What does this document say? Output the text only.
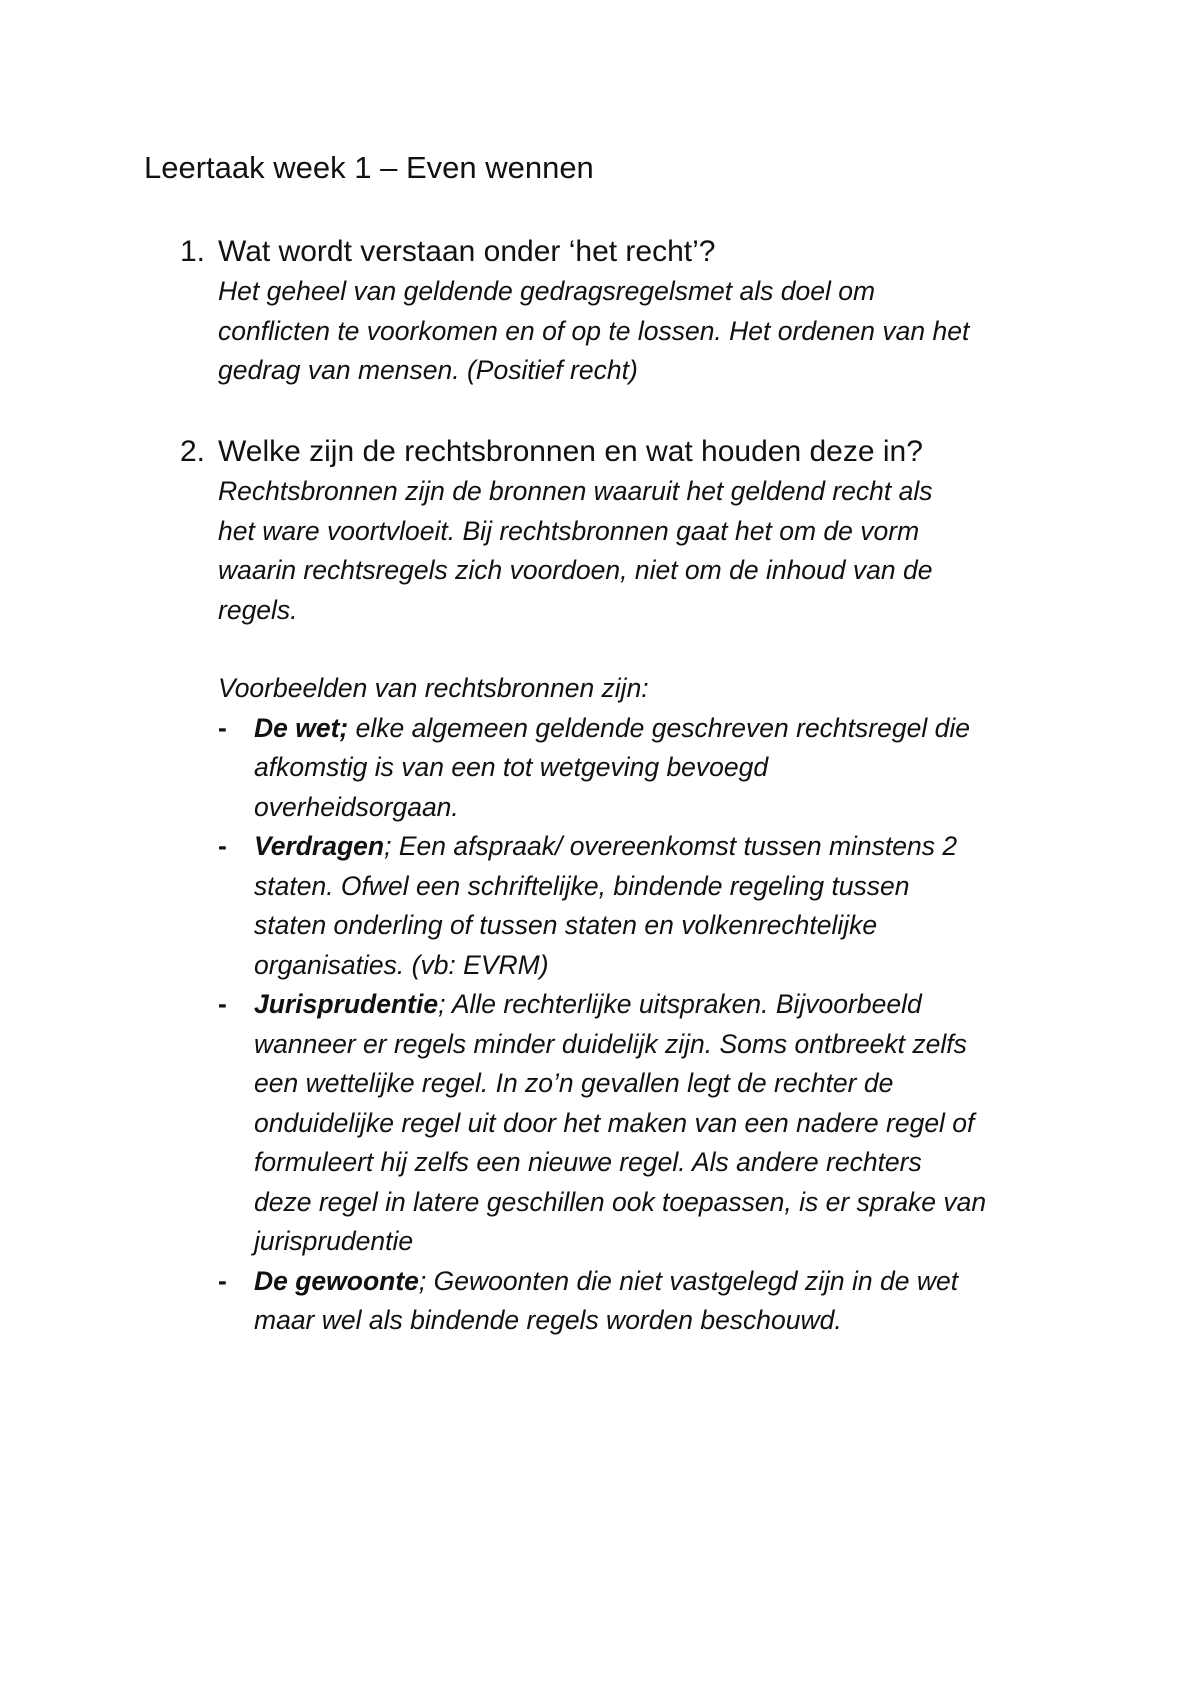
Leertaak week 1 – Even wennen
1. Wat wordt verstaan onder ‘het recht’?

Het geheel van geldende gedragsregelsmet als doel om
conflicten te voorkomen en of op te lossen. Het ordenen van het
gedrag van mensen. (Positief recht)

2. Welke zijn de rechtsbronnen en wat houden deze in?

Rechtsbronnen zijn de bronnen waaruit het geldend recht als
het ware voortvloeit. Bij rechtsbronnen gaat het om de vorm
waarin rechtsregels zich voordoen, niet om de inhoud van de
regels.

Voorbeelden van rechtsbronnen zijn:

- De wet; elke algemeen geldende geschreven rechtsregel die
afkomstig is van een tot wetgeving bevoegd
overheidsorgaan.
- Verdragen; Een afspraak/ overeenkomst tussen minstens 2
staten. Ofwel een schriftelijke, bindende regeling tussen
staten onderling of tussen staten en volkenrechtelijke
organisaties. (vb: EVRM)
- Jurisprudentie; Alle rechterlijke uitspraken. Bijvoorbeeld
wanneer er regels minder duidelijk zijn. Soms ontbreekt zelfs
een wettelijke regel. In zo’n gevallen legt de rechter de
onduidelijke regel uit door het maken van een nadere regel of
formuleert hij zelfs een nieuwe regel. Als andere rechters
deze regel in latere geschillen ook toepassen, is er sprake van
jurisprudentie
- De gewoonte; Gewoonten die niet vastgelegd zijn in de wet
maar wel als bindende regels worden beschouwd.
